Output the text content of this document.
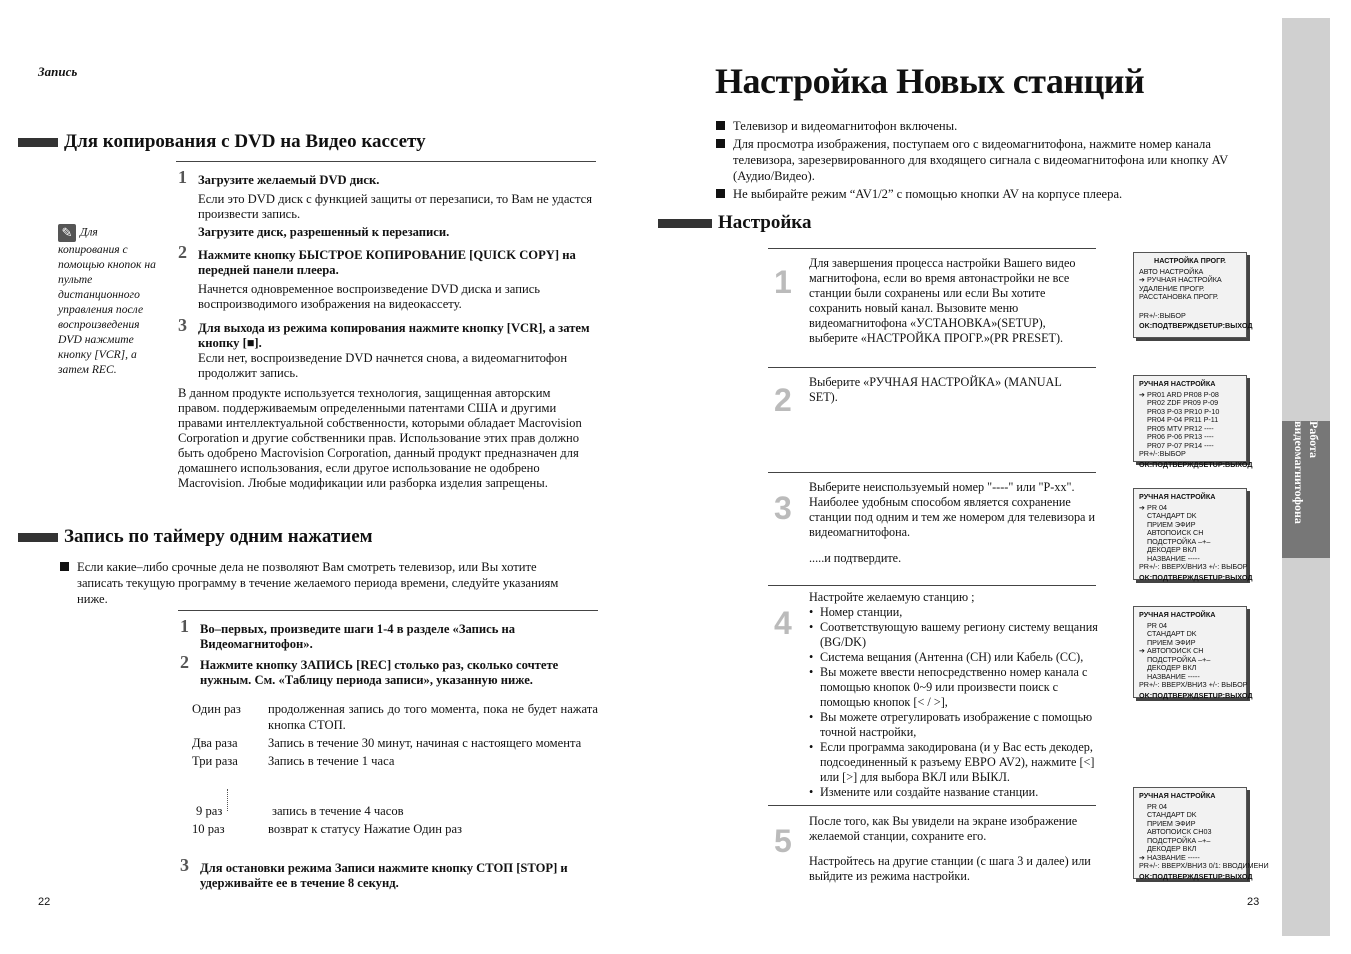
Запись
Для копирования с DVD на Видео кассету
1 Загрузите желаемый DVD диск.
Если это DVD диск с функцией защиты от перезаписи, то Вам не удастся произвести запись.
Загрузите диск, разрешенный к перезаписи.
2 Нажмите кнопку БЫСТРОЕ КОПИРОВАНИЕ [QUICK COPY] на передней панели плеера.
Начнется одновременное воспроизведение DVD диска и запись воспроизводимого изображения на видеокассету.
3 Для выхода из режима копирования нажмите кнопку [VCR], а затем кнопку [■].
Если нет, воспроизведение DVD начнется снова, а видеомагнитофон продолжит запись.
В данном продукте используется технология, защищенная авторским правом. поддерживаемым определенными патентами США и другими правами интеллектуальной собственности, которыми обладает Macrovision Corporation и другие собственники прав. Использование этих прав должно быть одобрено Macrovision Corporation, данный продукт предназначен для домашнего использования, если другое использование не одобрено Macrovision. Любые модификации или разборка изделия запрещены.
✎ Для копирования с помощью кнопок на пульте дистанционного управления после воспроизведения DVD нажмите кнопку [VCR], а затем REC.
Запись по таймеру одним нажатием
Если какие–либо срочные дела не позволяют Вам смотреть телевизор, или Вы хотите записать текущую программу в течение желаемого периода времени, следуйте указаниям ниже.
1 Во–первых, произведите шаги 1-4 в разделе «Запись на Видеомагнитофон».
2 Нажмите кнопку ЗАПИСЬ [REC] столько раз, сколько сочтете нужным. См. «Таблицу периода записи», указанную ниже.
Один раз	продолженная запись до того момента, пока не будет нажата кнопка СТОП.
Два раза	Запись в течение 30 минут, начиная с настоящего момента
Три раза	Запись в течение 1 часа
9 раз	запись в течение 4 часов
10 раз	возврат к статусу Нажатие Один раз
3 Для остановки режима Записи нажмите кнопку СТОП [STOP] и удерживайте ее в течение 8 секунд.
22
Настройка Новых станций
Телевизор и видеомагнитофон включены.
Для просмотра изображения, поступаем ого с видеомагнитофона, нажмите номер канала телевизора, зарезервированного для входящего сигнала с видеомагнитофона или кнопку AV (Аудио/Видео).
Не выбирайте режим “AV1/2” с помощью кнопки AV на корпусе плеера.
Настройка
Работа видеомагнитофона
1
Для завершения процесса настройки Вашего видео магнитофона, если во время автонастройки не все станции были сохранены или если Вы хотите сохранить новый канал. Вызовите меню видеомагнитофона «УСТАНОВКА»(SETUP), выберите «НАСТРОЙКА ПРОГР.»(PR PRESET).
2 Выберите «РУЧНАЯ НАСТРОЙКА» (MANUAL SET).
3
Выберите неиспользуемый номер "----" или "P-xx". Наиболее удобным способом является сохранение станции под одним и тем же номером для телевизора и видеомагнитофона.
.....и подтвердите.
4
Настройте желаемую станцию ;
• Номер станции,
• Соответствующую вашему региону систему вещания (BG/DK)
• Система вещания (Антенна (CH) или Кабель (CC),
• Вы можете ввести непосредственно номер канала с помощью кнопок 0~9 или произвести поиск с помощью кнопок [< / >],
• Вы можете отрегулировать изображение с помощью точной настройки,
• Если программа закодирована (и у Вас есть декодер, подсоединенный к разъему ЕВРО AV2), нажмите [<] или [>] для выбора ВКЛ или ВЫКЛ.
• Измените или создайте название станции.
5
После того, как Вы увидели на экране изображение желаемой станции, сохраните его.
Настройтесь на другие станции (с шага 3 и далее) или выйдите из режима настройки.
НАСТРОЙКА ПРОГР.
АВТО НАСТРОЙКА
➔ РУЧНАЯ НАСТРОЙКА
УДАЛЕНИЕ ПРОГР.
РАССТАНОВКА ПРОГР.
PR+/-:ВЫБОР
OK:ПОДТВЕРЖД SETUP:ВЫХОД
РУЧНАЯ НАСТРОЙКА
➔ PR01 ARD PR08 P-08
PR02 ZDF PR09 P-09
PR03 P-03 PR10 P-10
PR04 P-04 PR11 P-11
PR05 MTV PR12 ----
PR06 P-06 PR13 ----
PR07 P-07 PR14 ----
PR+/-:ВЫБОР
OK:ПОДТВЕРЖД SETUP:ВЫХОД
РУЧНАЯ НАСТРОЙКА
➔ PR 04
СТАНДАРТ DK
ПРИЕМ ЭФИР
АВТОПОИСК CH
ПОДСТРОЙКА –+–
ДЕКОДЕР ВКЛ
НАЗВАНИЕ -----
PR+/-: ВВЕРХ/ВНИЗ +/-: ВЫБОР
OK:ПОДТВЕРЖД SETUP:ВЫХОД
РУЧНАЯ НАСТРОЙКА
PR 04
СТАНДАРТ DK
ПРИЕМ ЭФИР
➔ АВТОПОИСК CH
ПОДСТРОЙКА –+–
ДЕКОДЕР ВКЛ
НАЗВАНИЕ -----
PR+/-: ВВЕРХ/ВНИЗ +/-: ВЫБОР
OK:ПОДТВЕРЖД SETUP:ВЫХОД
РУЧНАЯ НАСТРОЙКА
PR 04
СТАНДАРТ DK
ПРИЕМ ЭФИР
АВТОПОИСК CH03
ПОДСТРОЙКА –+–
ДЕКОДЕР ВКЛ
➔ НАЗВАНИЕ -----
PR+/-: ВВЕРХ/ВНИЗ 0/1: ВВОДИМЕНИ
OK:ПОДТВЕРЖД SETUP:ВЫХОД
23
